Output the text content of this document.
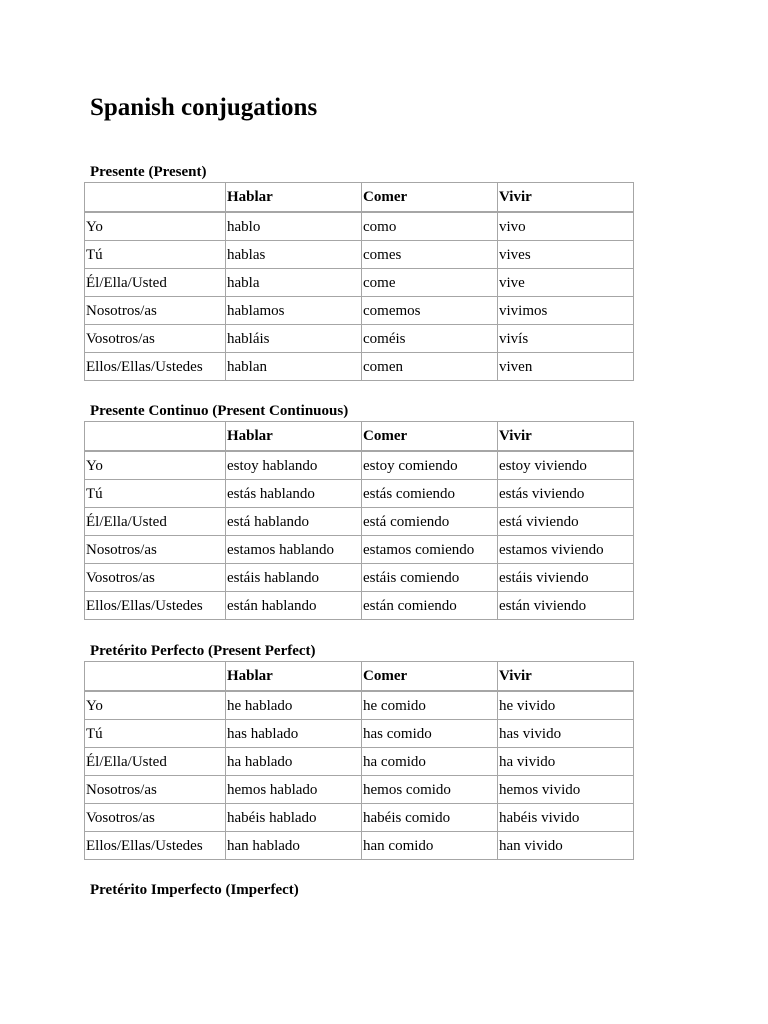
Spanish conjugations
Presente (Present)
	Hablar	Comer	Vivir
Yo	hablo	como	vivo
Tú	hablas	comes	vives
Él/Ella/Usted	habla	come	vive
Nosotros/as	hablamos	comemos	vivimos
Vosotros/as	habláis	coméis	vivís
Ellos/Ellas/Ustedes	hablan	comen	viven
Presente Continuo (Present Continuous)
	Hablar	Comer	Vivir
Yo	estoy hablando	estoy comiendo	estoy viviendo
Tú	estás hablando	estás comiendo	estás viviendo
Él/Ella/Usted	está hablando	está comiendo	está viviendo
Nosotros/as	estamos hablando	estamos comiendo	estamos viviendo
Vosotros/as	estáis hablando	estáis comiendo	estáis viviendo
Ellos/Ellas/Ustedes	están hablando	están comiendo	están viviendo
Pretérito Perfecto (Present Perfect)
	Hablar	Comer	Vivir
Yo	he hablado	he comido	he vivido
Tú	has hablado	has comido	has vivido
Él/Ella/Usted	ha hablado	ha comido	ha vivido
Nosotros/as	hemos hablado	hemos comido	hemos vivido
Vosotros/as	habéis hablado	habéis comido	habéis vivido
Ellos/Ellas/Ustedes	han hablado	han comido	han vivido
Pretérito Imperfecto (Imperfect)
